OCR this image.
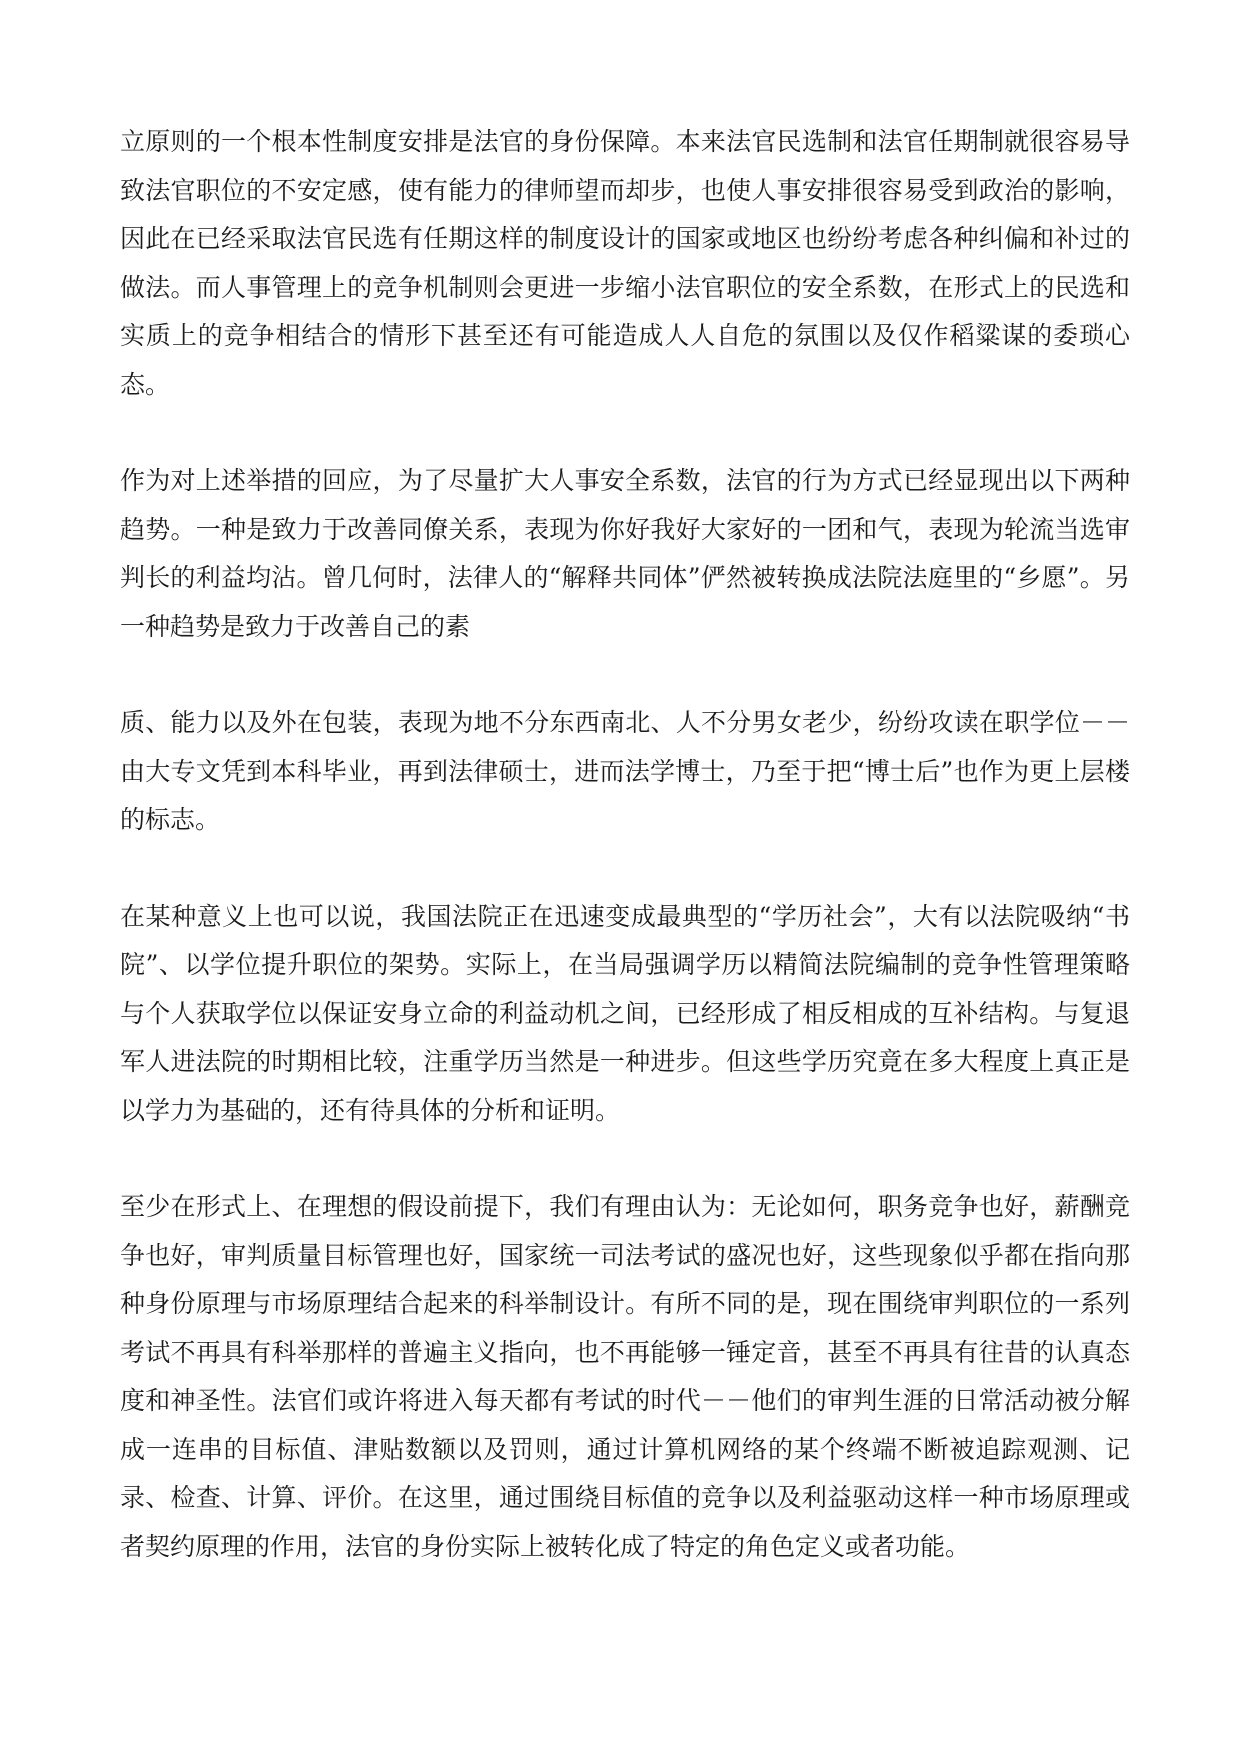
立原则的一个根本性制度安排是法官的身份保障。本来法官民选制和法官任期制就很容易导致法官职位的不安定感，使有能力的律师望而却步，也使人事安排很容易受到政治的影响，因此在已经采取法官民选有任期这样的制度设计的国家或地区也纷纷考虑各种纠偏和补过的做法。而人事管理上的竞争机制则会更进一步缩小法官职位的安全系数，在形式上的民选和实质上的竞争相结合的情形下甚至还有可能造成人人自危的氛围以及仅作稻粱谋的委琐心态。

作为对上述举措的回应，为了尽量扩大人事安全系数，法官的行为方式已经显现出以下两种趋势。一种是致力于改善同僚关系，表现为你好我好大家好的一团和气，表现为轮流当选审判长的利益均沾。曾几何时，法律人的“解释共同体”俨然被转换成法院法庭里的“乡愿”。另一种趋势是致力于改善自己的素

质、能力以及外在包装，表现为地不分东西南北、人不分男女老少，纷纷攻读在职学位－－由大专文凭到本科毕业，再到法律硕士，进而法学博士，乃至于把“博士后”也作为更上层楼的标志。

在某种意义上也可以说，我国法院正在迅速变成最典型的“学历社会”，大有以法院吸纳“书院”、以学位提升职位的架势。实际上，在当局强调学历以精简法院编制的竞争性管理策略与个人获取学位以保证安身立命的利益动机之间，已经形成了相反相成的互补结构。与复退军人进法院的时期相比较，注重学历当然是一种进步。但这些学历究竟在多大程度上真正是以学力为基础的，还有待具体的分析和证明。

至少在形式上、在理想的假设前提下，我们有理由认为：无论如何，职务竞争也好，薪酬竞争也好，审判质量目标管理也好，国家统一司法考试的盛况也好，这些现象似乎都在指向那种身份原理与市场原理结合起来的科举制设计。有所不同的是，现在围绕审判职位的一系列考试不再具有科举那样的普遍主义指向，也不再能够一锤定音，甚至不再具有往昔的认真态度和神圣性。法官们或许将进入每天都有考试的时代－－他们的审判生涯的日常活动被分解成一连串的目标值、津贴数额以及罚则，通过计算机网络的某个终端不断被追踪观测、记录、检查、计算、评价。在这里，通过围绕目标值的竞争以及利益驱动这样一种市场原理或者契约原理的作用，法官的身份实际上被转化成了特定的角色定义或者功能。
